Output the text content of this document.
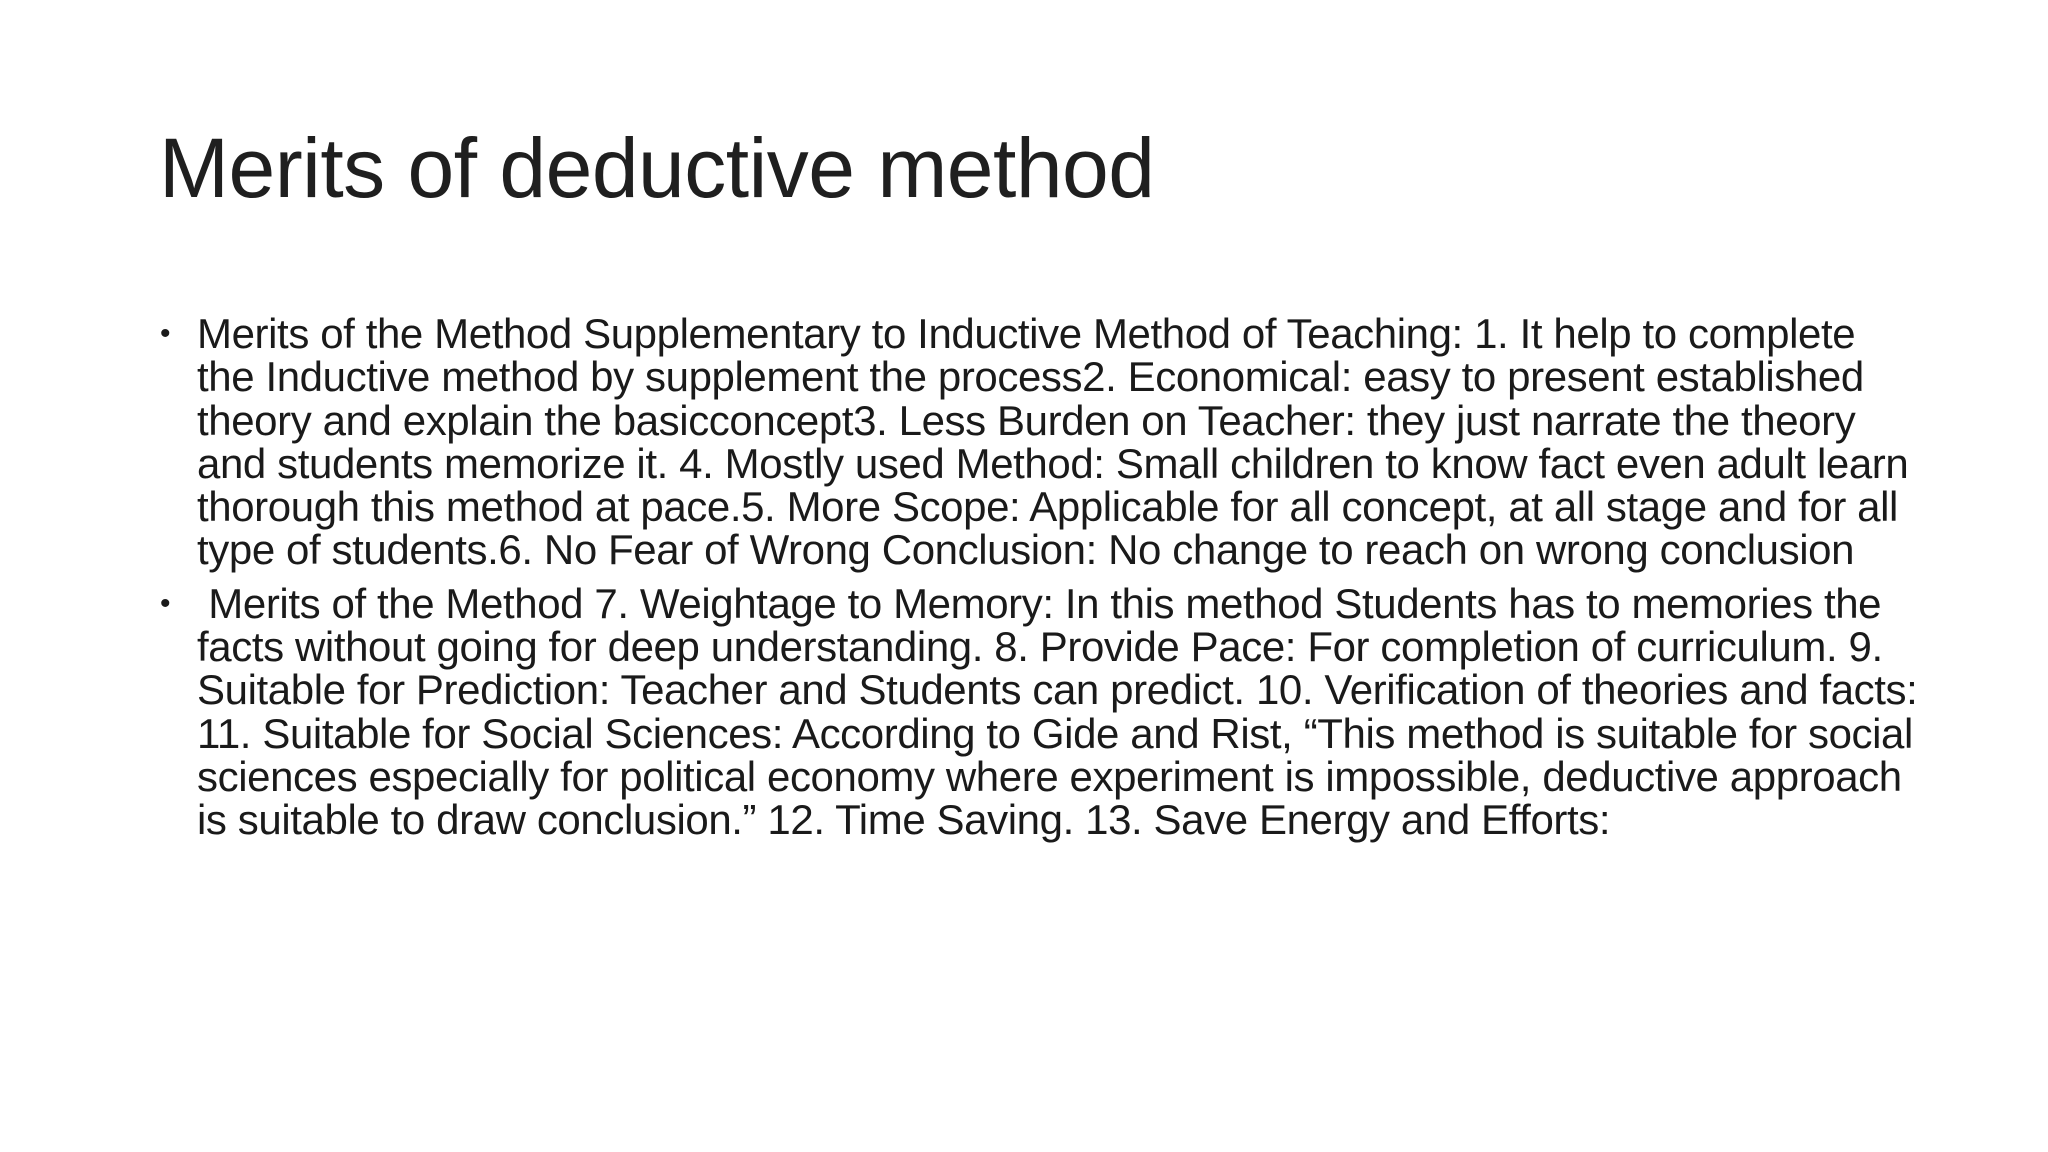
Merits of deductive method
• Merits of the Method Supplementary to Inductive Method of Teaching: 1. It help to complete the Inductive method by supplement the process2. Economical: easy to present established theory and explain the basicconcept3. Less Burden on Teacher: they just narrate the theory and students memorize it. 4. Mostly used Method: Small children to know fact even adult learn thorough this method at pace.5. More Scope: Applicable for all concept, at all stage and for all type of students.6. No Fear of Wrong Conclusion: No change to reach on wrong conclusion
• Merits of the Method 7. Weightage to Memory: In this method Students has to memories the facts without going for deep understanding. 8. Provide Pace: For completion of curriculum. 9. Suitable for Prediction: Teacher and Students can predict. 10. Verification of theories and facts: 11. Suitable for Social Sciences: According to Gide and Rist, “This method is suitable for social sciences especially for political economy where experiment is impossible, deductive approach is suitable to draw conclusion.” 12. Time Saving. 13. Save Energy and Efforts:
